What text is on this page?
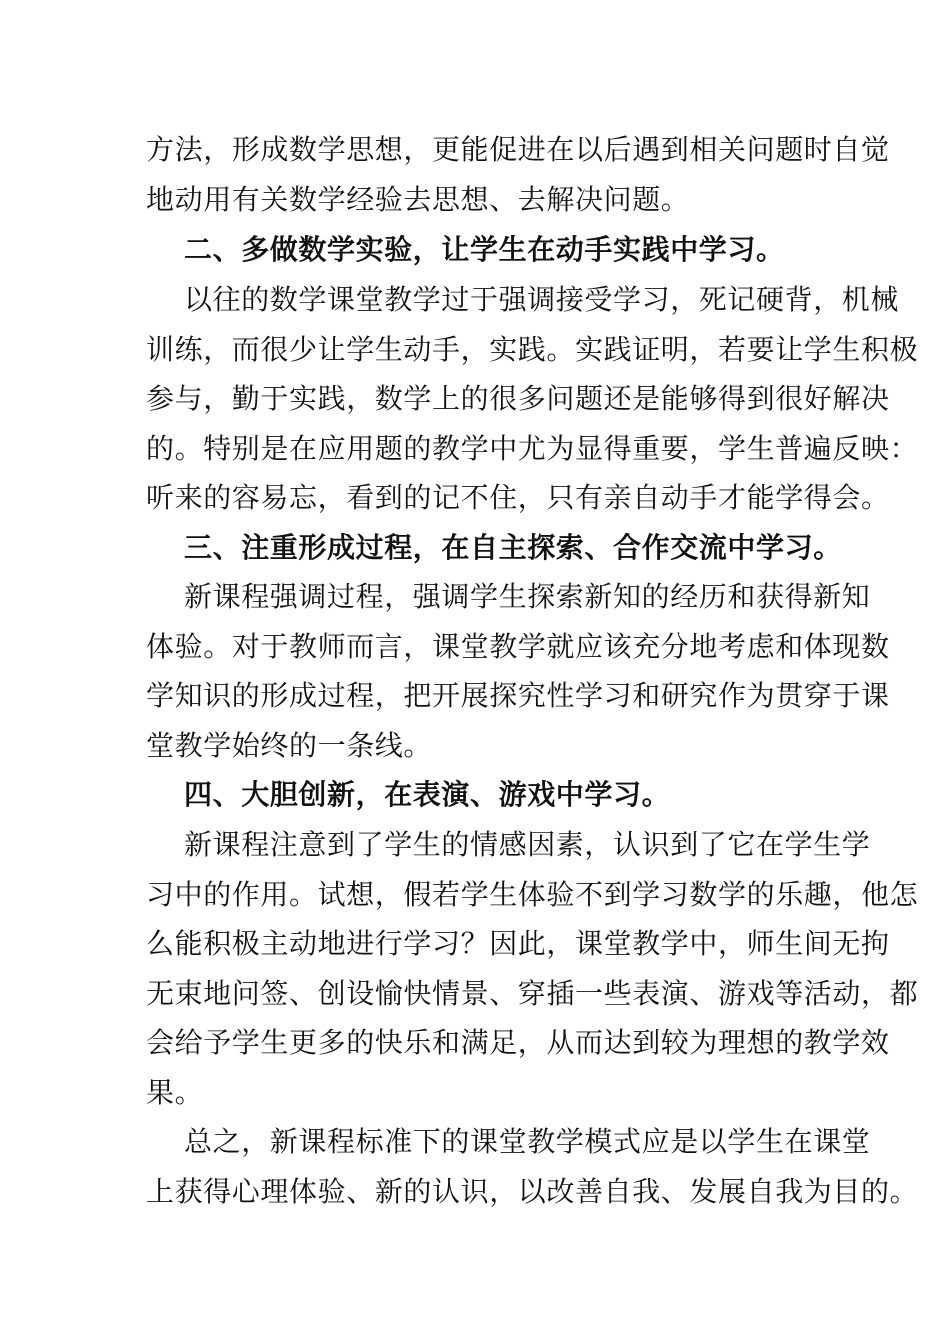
方法，形成数学思想，更能促进在以后遇到相关问题时自觉
地动用有关数学经验去思想、去解决问题。
二、多做数学实验，让学生在动手实践中学习。
以往的数学课堂教学过于强调接受学习，死记硬背，机械
训练，而很少让学生动手，实践。实践证明，若要让学生积极
参与，勤于实践，数学上的很多问题还是能够得到很好解决
的。特别是在应用题的教学中尤为显得重要，学生普遍反映：
听来的容易忘，看到的记不住，只有亲自动手才能学得会。
三、注重形成过程，在自主探索、合作交流中学习。
新课程强调过程，强调学生探索新知的经历和获得新知
体验。对于教师而言，课堂教学就应该充分地考虑和体现数
学知识的形成过程，把开展探究性学习和研究作为贯穿于课
堂教学始终的一条线。
四、大胆创新，在表演、游戏中学习。
新课程注意到了学生的情感因素，认识到了它在学生学
习中的作用。试想，假若学生体验不到学习数学的乐趣，他怎
么能积极主动地进行学习？因此，课堂教学中，师生间无拘
无束地问签、创设愉快情景、穿插一些表演、游戏等活动，都
会给予学生更多的快乐和满足，从而达到较为理想的教学效
果。
总之，新课程标准下的课堂教学模式应是以学生在课堂
上获得心理体验、新的认识，以改善自我、发展自我为目的。
